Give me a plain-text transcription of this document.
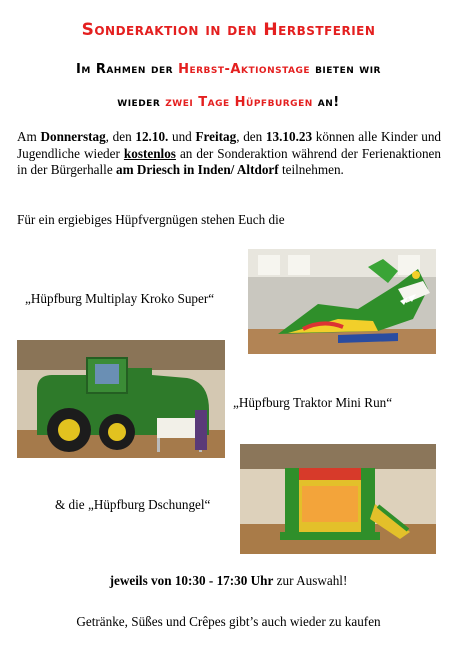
Sonderaktion in den Herbstferien
Im Rahmen der Herbst-Aktionstage bieten wir
wieder zwei Tage Hüpfburgen an!
Am Donnerstag, den 12.10. und Freitag, den 13.10.23 können alle Kinder und Jugendliche wieder kostenlos an der Sonderaktion während der Ferienaktionen in der Bürgerhalle am Driesch in Inden/ Altdorf teilnehmen.
Für ein ergiebiges Hüpfvergnügen stehen Euch die
„Hüpfburg Multiplay Kroko Super“
„Hüpfburg Traktor Mini Run“
& die „Hüpfburg Dschungel“
jeweils von 10:30 - 17:30 Uhr zur Auswahl!
Getränke, Süßes und Crêpes gibt’s auch wieder zu kaufen
